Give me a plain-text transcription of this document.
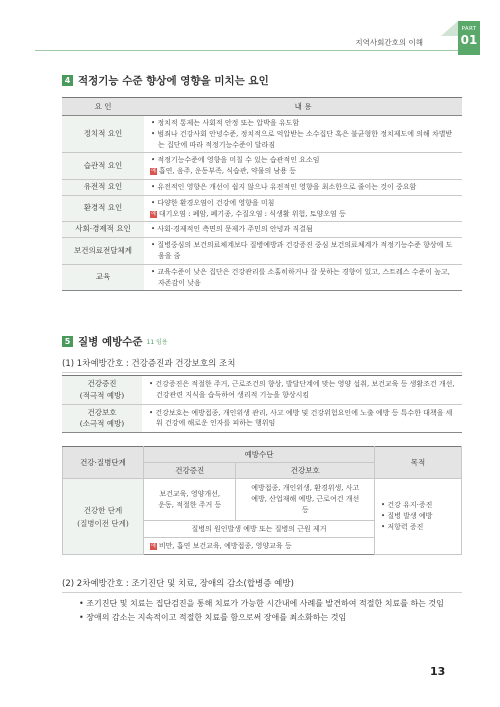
지역사회간호의 이해
PART
01
4 적정기능 수준 향상에 영향을 미치는 요인
요 인	내 용
정치적 요인	• 정치적 통제는 사회적 안정 또는 압박을 유도함
• 범죄나 건강사회 안녕수준, 정치적으로 억압받는 소수집단 혹은 불균형한 정치제도에 의해 차별받는 집단에 따라 적정기능수준이 달라짐

습관적 요인	• 적정기능수준에 영향을 미칠 수 있는 습관적인 요소임
예 흡연, 음주, 운동부족, 식습관, 약물의 남용 등

유전적 요인	• 유전적인 영향은 개선이 쉽지 않으나 유전적인 영향을 최소한으로 줄이는 것이 중요함

환경적 요인	• 다양한 환경오염이 건강에 영향을 미침
예 대기오염 : 폐암, 폐기종, 수질오염 : 식생활 위험, 토양오염 등

사회·경제적 요인	• 사회·경제적인 측면의 문제가 주민의 안녕과 직결됨

보건의료전달체계	• 질병중심의 보건의료체계보다 질병예방과 건강증진 중심 보건의료체계가 적정기능수준 향상에 도움을 줌

교육	• 교육수준이 낮은 집단은 건강관리를 소홀히하거나 잘 못하는 경향이 있고, 스트레스 수준이 높고, 자존감이 낮음
5 질병 예방수준 11 임용
(1) 1차예방간호 : 건강증진과 건강보호의 조치
건강증진
(적극적 예방)	• 건강증진은 적절한 주거, 근로조건의 향상, 발달단계에 맞는 영양 섭취, 보건교육 등 생활조건 개선, 건강관련 지식을 습득하여 생리적 기능을 향상시킴

건강보호
(소극적 예방)	• 건강보호는 예방접종, 개인위생 관리, 사고 예방 및 건강위험요인에 노출 예방 등 특수한 대책을 세워 건강에 해로운 인자를 피하는 행위임
건강·질병단계	예방수단		목적
	건강증진	건강보호	

건강한 단계
(질병이전 단계)	보건교육, 영양개선, 운동, 적절한 주거 등	예방접종, 개인위생, 환경위생, 사고예방, 산업재해 예방, 근로여건 개선 등	• 건강 유지·증진
• 질병 발생 예방
• 저항력 증진

	질병의 원인발생 예방 또는 질병의 근원 제거		
	예 비만, 흡연 보건교육, 예방접종, 영양교육 등		
(2) 2차예방간호 : 조기진단 및 치료, 장애의 감소(합병증 예방)
• 조기진단 및 치료는 집단검진을 통해 치료가 가능한 시간내에 사례를 발견하여 적절한 치료를 하는 것임
• 장애의 감소는 지속적이고 적절한 치료를 함으로써 장애를 최소화하는 것임
13
